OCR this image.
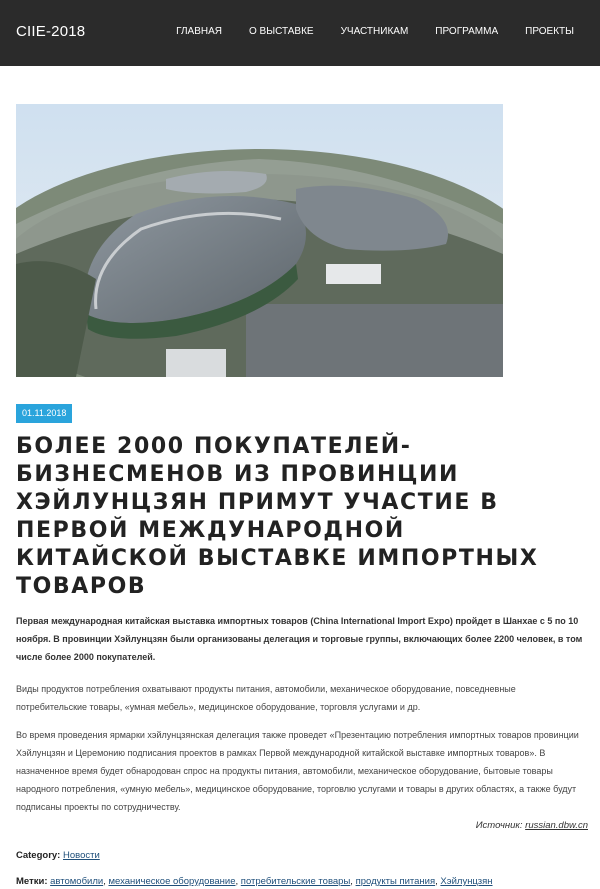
CIIE-2018	ГЛАВНАЯ	О ВЫСТАВКЕ	УЧАСТНИКАМ	ПРОГРАММА	ПРОЕКТЫ
01.11.2018
БОЛЕЕ 2000 ПОКУПАТЕЛЕЙ-БИЗНЕСМЕНОВ ИЗ ПРОВИНЦИИ ХЭЙЛУНЦЗЯН ПРИМУТ УЧАСТИЕ В ПЕРВОЙ МЕЖДУНАРОДНОЙ КИТАЙСКОЙ ВЫСТАВКЕ ИМПОРТНЫХ ТОВАРОВ

Первая международная китайская выставка импортных товаров (China International Import Expo) пройдет в Шанхае с 5 по 10 ноября. В провинции Хэйлунцзян были организованы делегация и торговые группы, включающих более 2200 человек, в том числе более 2000 покупателей.

Виды продуктов потребления охватывают продукты питания, автомобили, механическое оборудование, повседневные потребительские товары, «умная мебель», медицинское оборудование, торговля услугами и др.

Во время проведения ярмарки хэйлунцзянская делегация также проведет «Презентацию потребления импортных товаров провинции Хэйлунцзян и Церемонию подписания проектов в рамках Первой международной китайской выставке импортных товаров». В назначенное время будет обнародован спрос на продукты питания, автомобили, механическое оборудование, бытовые товары народного потребления, «умную мебель», медицинское оборудование, торговлю услугами и товары в других областях, а также будут подписаны проекты по сотрудничеству.

Источник: russian.dbw.cn
Category: Новости
Метки: автомобили, механическое оборудование, потребительские товары, продукты питания, Хэйлунцзян
